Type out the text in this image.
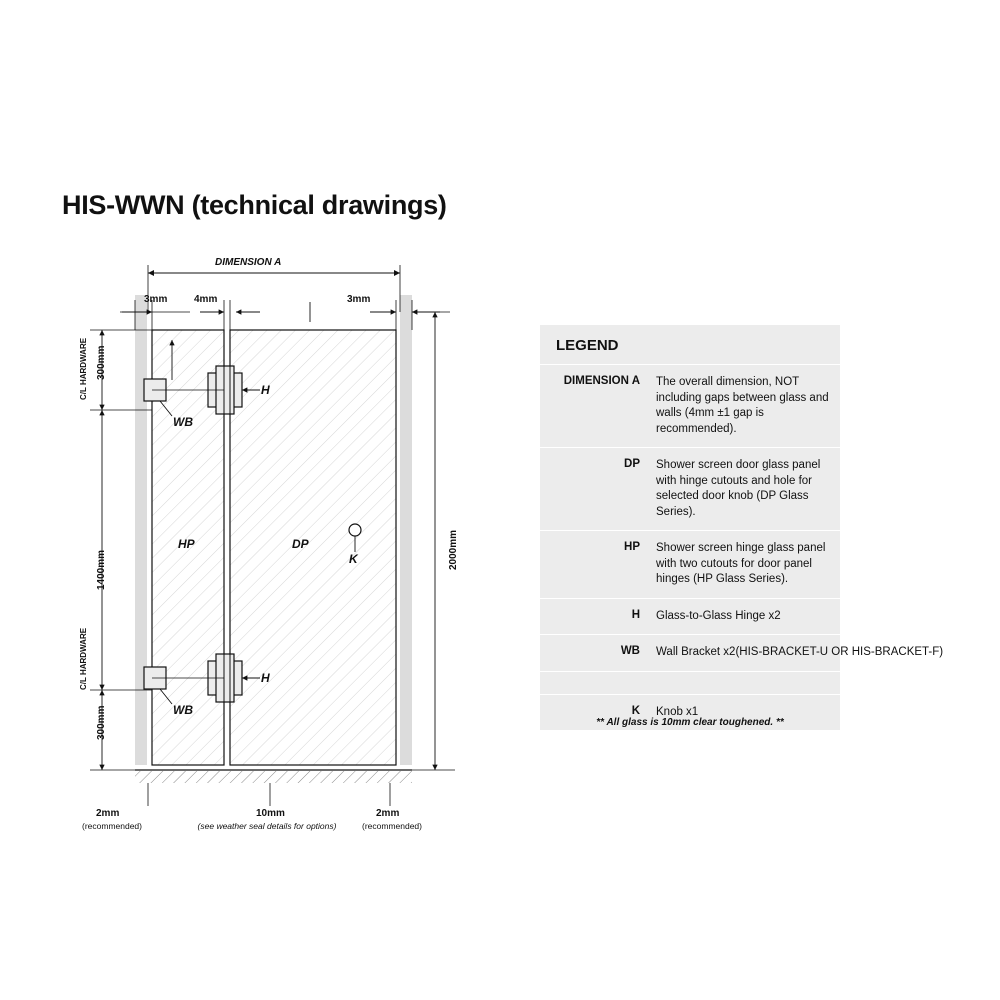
HIS-WWN (technical drawings)
DIMENSION A
3mm	4mm	3mm
300mm
1400mm
300mm
C/L HARDWARE
C/L HARDWARE
2000mm
HP	DP
H
H
WB
WB
K
2mm
(recommended)
10mm
(see weather seal details for options)
2mm
(recommended)
LEGEND
DIMENSION A	The overall dimension, NOT including gaps between glass and walls (4mm ±1 gap is recommended).
DP	Shower screen door glass panel with hinge cutouts and hole for selected door knob (DP Glass Series).
HP	Shower screen hinge glass panel with two cutouts for door panel hinges (HP Glass Series).
H	Glass-to-Glass Hinge x2
WB	Wall Bracket x2(HIS-BRACKET-U OR HIS-BRACKET-F)
K	Knob x1
** All glass is 10mm clear toughened. **
